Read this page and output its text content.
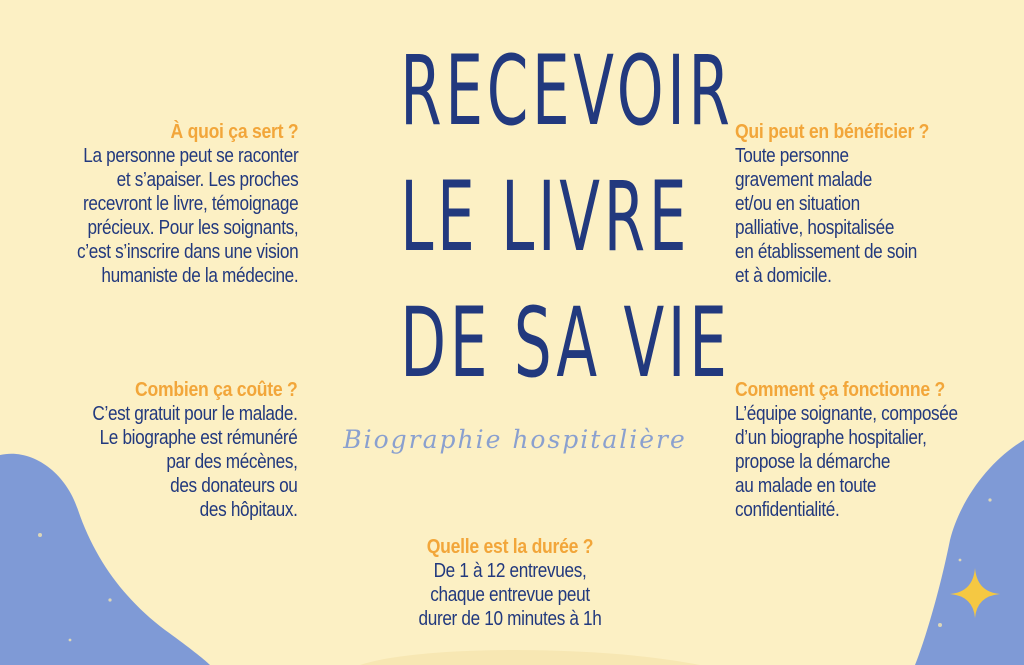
RECEVOIR
LE LIVRE
DE SA VIE
Biographie hospitalière
À quoi ça sert ?
La personne peut se raconter
et s’apaiser. Les proches
recevront le livre, témoignage
précieux. Pour les soignants,
c’est s’inscrire dans une vision
humaniste de la médecine.
Combien ça coûte ?
C’est gratuit pour le malade.
Le biographe est rémunéré
par des mécènes,
des donateurs ou
des hôpitaux.
Qui peut en bénéficier ?
Toute personne
gravement malade
et/ou en situation
palliative, hospitalisée
en établissement de soin
et à domicile.
Comment ça fonctionne ?
L’équipe soignante, composée
d’un biographe hospitalier,
propose la démarche
au malade en toute
confidentialité.
Quelle est la durée ?
De 1 à 12 entrevues,
chaque entrevue peut
durer de 10 minutes à 1h
